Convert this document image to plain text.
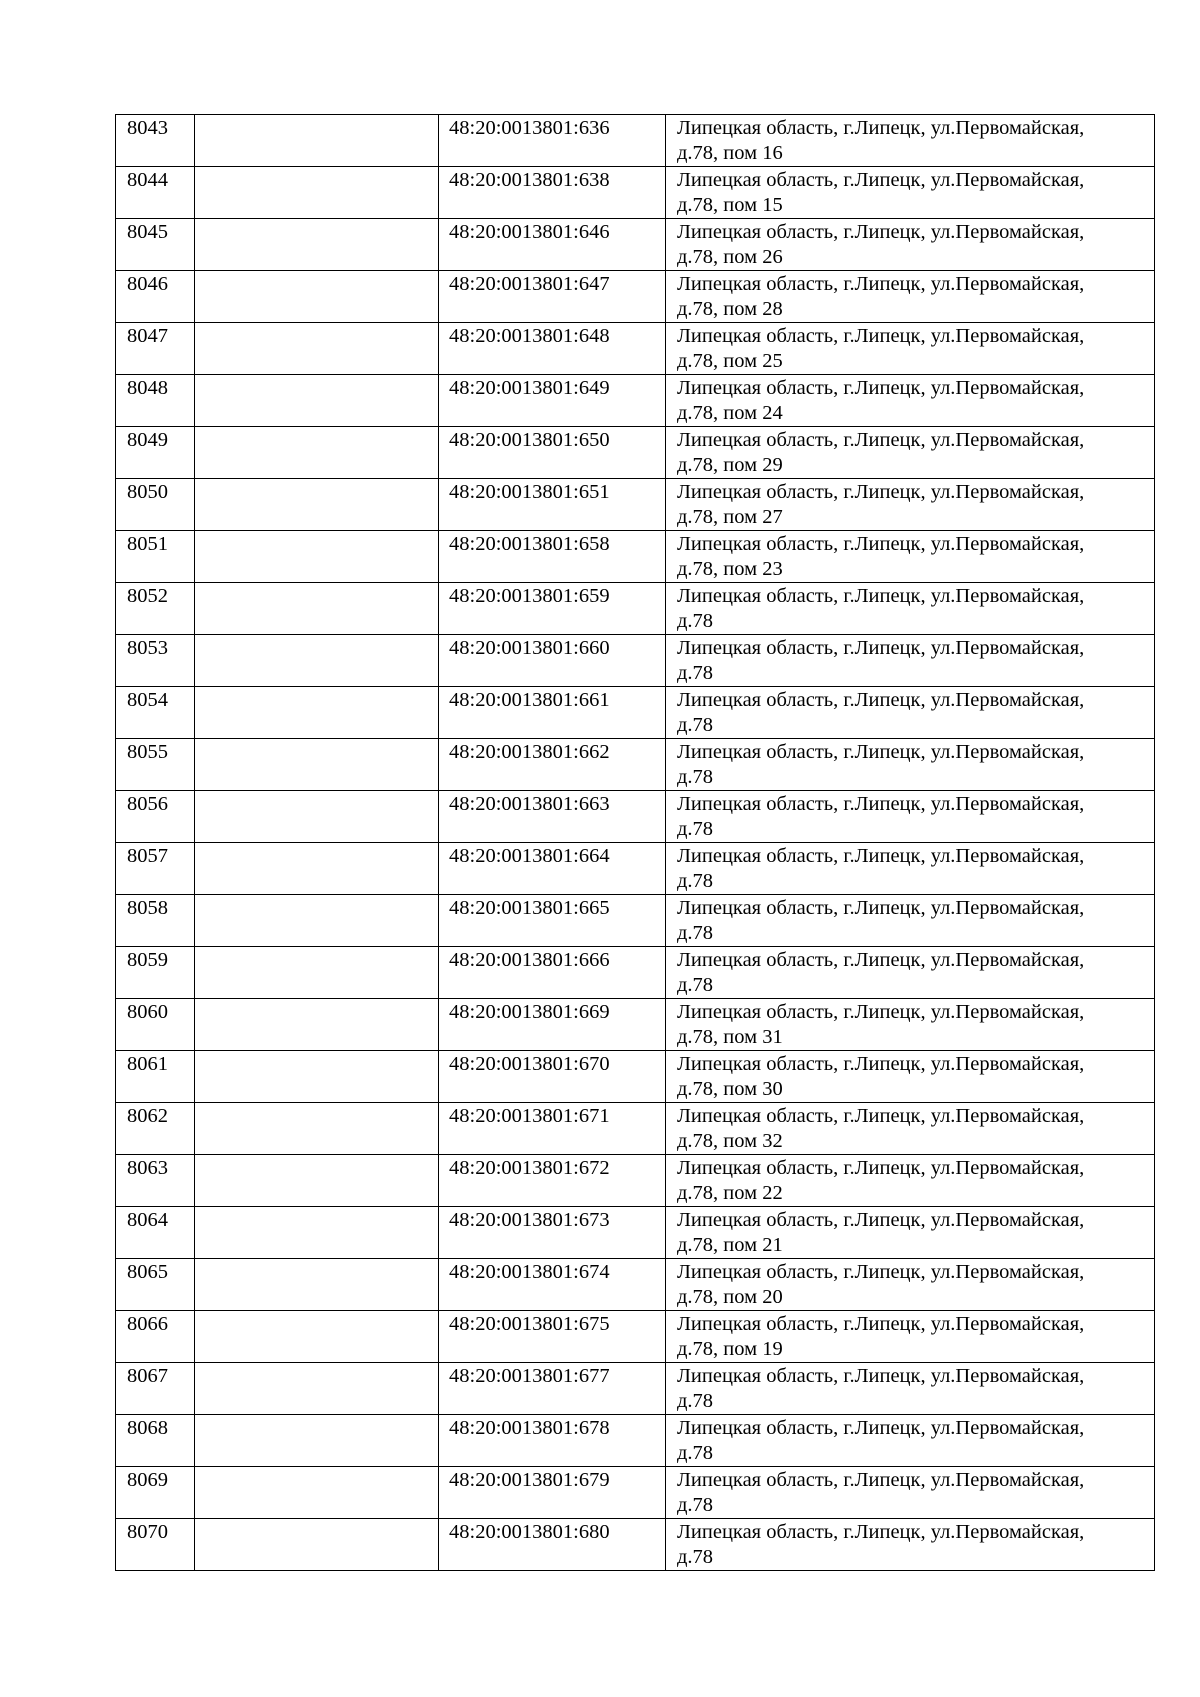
8043		48:20:0013801:636	Липецкая область, г.Липецк, ул.Первомайская,
д.78, пом 16

8044		48:20:0013801:638	Липецкая область, г.Липецк, ул.Первомайская,
д.78, пом 15

8045		48:20:0013801:646	Липецкая область, г.Липецк, ул.Первомайская,
д.78, пом 26

8046		48:20:0013801:647	Липецкая область, г.Липецк, ул.Первомайская,
д.78, пом 28

8047		48:20:0013801:648	Липецкая область, г.Липецк, ул.Первомайская,
д.78, пом 25

8048		48:20:0013801:649	Липецкая область, г.Липецк, ул.Первомайская,
д.78, пом 24

8049		48:20:0013801:650	Липецкая область, г.Липецк, ул.Первомайская,
д.78, пом 29

8050		48:20:0013801:651	Липецкая область, г.Липецк, ул.Первомайская,
д.78, пом 27

8051		48:20:0013801:658	Липецкая область, г.Липецк, ул.Первомайская,
д.78, пом 23

8052		48:20:0013801:659	Липецкая область, г.Липецк, ул.Первомайская,
д.78

8053		48:20:0013801:660	Липецкая область, г.Липецк, ул.Первомайская,
д.78

8054		48:20:0013801:661	Липецкая область, г.Липецк, ул.Первомайская,
д.78

8055		48:20:0013801:662	Липецкая область, г.Липецк, ул.Первомайская,
д.78

8056		48:20:0013801:663	Липецкая область, г.Липецк, ул.Первомайская,
д.78

8057		48:20:0013801:664	Липецкая область, г.Липецк, ул.Первомайская,
д.78

8058		48:20:0013801:665	Липецкая область, г.Липецк, ул.Первомайская,
д.78

8059		48:20:0013801:666	Липецкая область, г.Липецк, ул.Первомайская,
д.78

8060		48:20:0013801:669	Липецкая область, г.Липецк, ул.Первомайская,
д.78, пом 31

8061		48:20:0013801:670	Липецкая область, г.Липецк, ул.Первомайская,
д.78, пом 30

8062		48:20:0013801:671	Липецкая область, г.Липецк, ул.Первомайская,
д.78, пом 32

8063		48:20:0013801:672	Липецкая область, г.Липецк, ул.Первомайская,
д.78, пом 22

8064		48:20:0013801:673	Липецкая область, г.Липецк, ул.Первомайская,
д.78, пом 21

8065		48:20:0013801:674	Липецкая область, г.Липецк, ул.Первомайская,
д.78, пом 20

8066		48:20:0013801:675	Липецкая область, г.Липецк, ул.Первомайская,
д.78, пом 19

8067		48:20:0013801:677	Липецкая область, г.Липецк, ул.Первомайская,
д.78

8068		48:20:0013801:678	Липецкая область, г.Липецк, ул.Первомайская,
д.78

8069		48:20:0013801:679	Липецкая область, г.Липецк, ул.Первомайская,
д.78

8070		48:20:0013801:680	Липецкая область, г.Липецк, ул.Первомайская,
д.78
